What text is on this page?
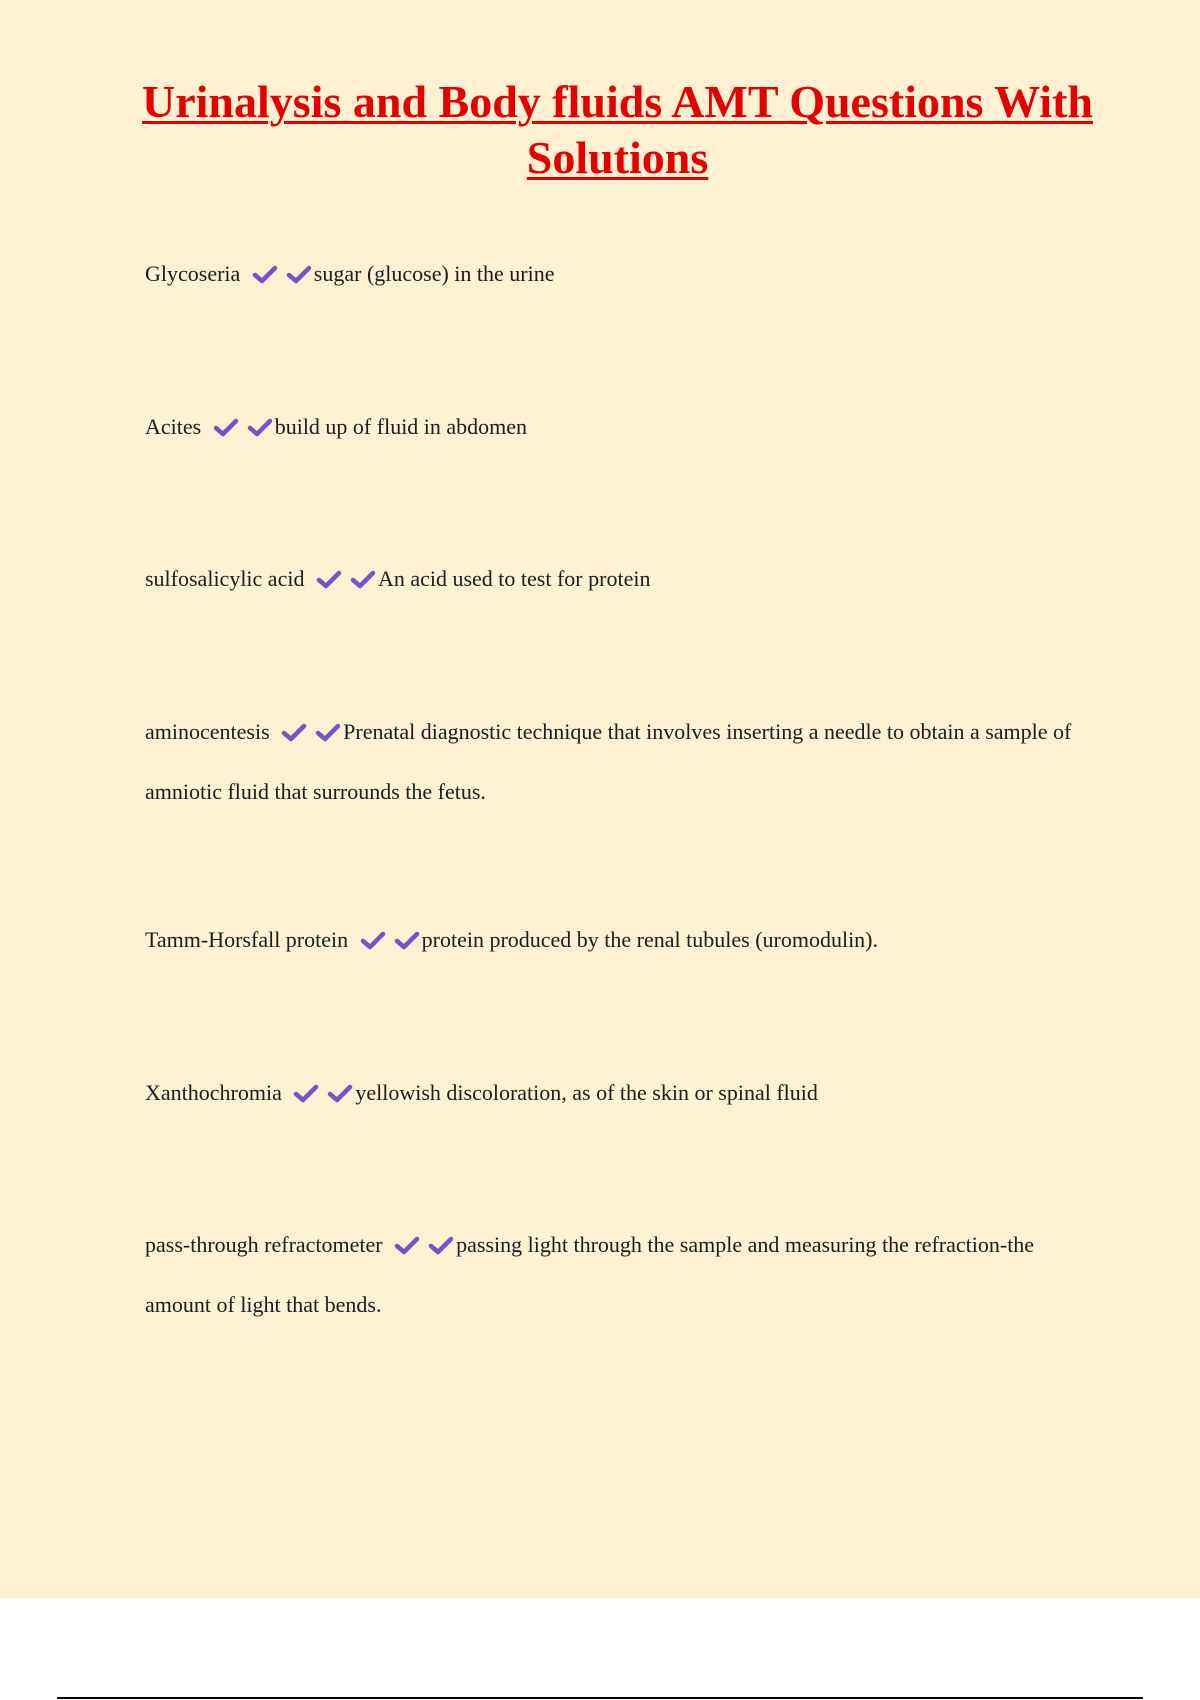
Urinalysis and Body fluids AMT Questions With Solutions

Glycoseria	sugar (glucose) in the urine

Acites	build up of fluid in abdomen

sulfosalicylic acid	An acid used to test for protein

aminocentesis	Prenatal diagnostic technique that involves inserting a needle to obtain a sample of amniotic fluid that surrounds the fetus.

Tamm-Horsfall protein	protein produced by the renal tubules (uromodulin).

Xanthochromia	yellowish discoloration, as of the skin or spinal fluid

pass-through refractometer	passing light through the sample and measuring the refraction-the amount of light that bends.
